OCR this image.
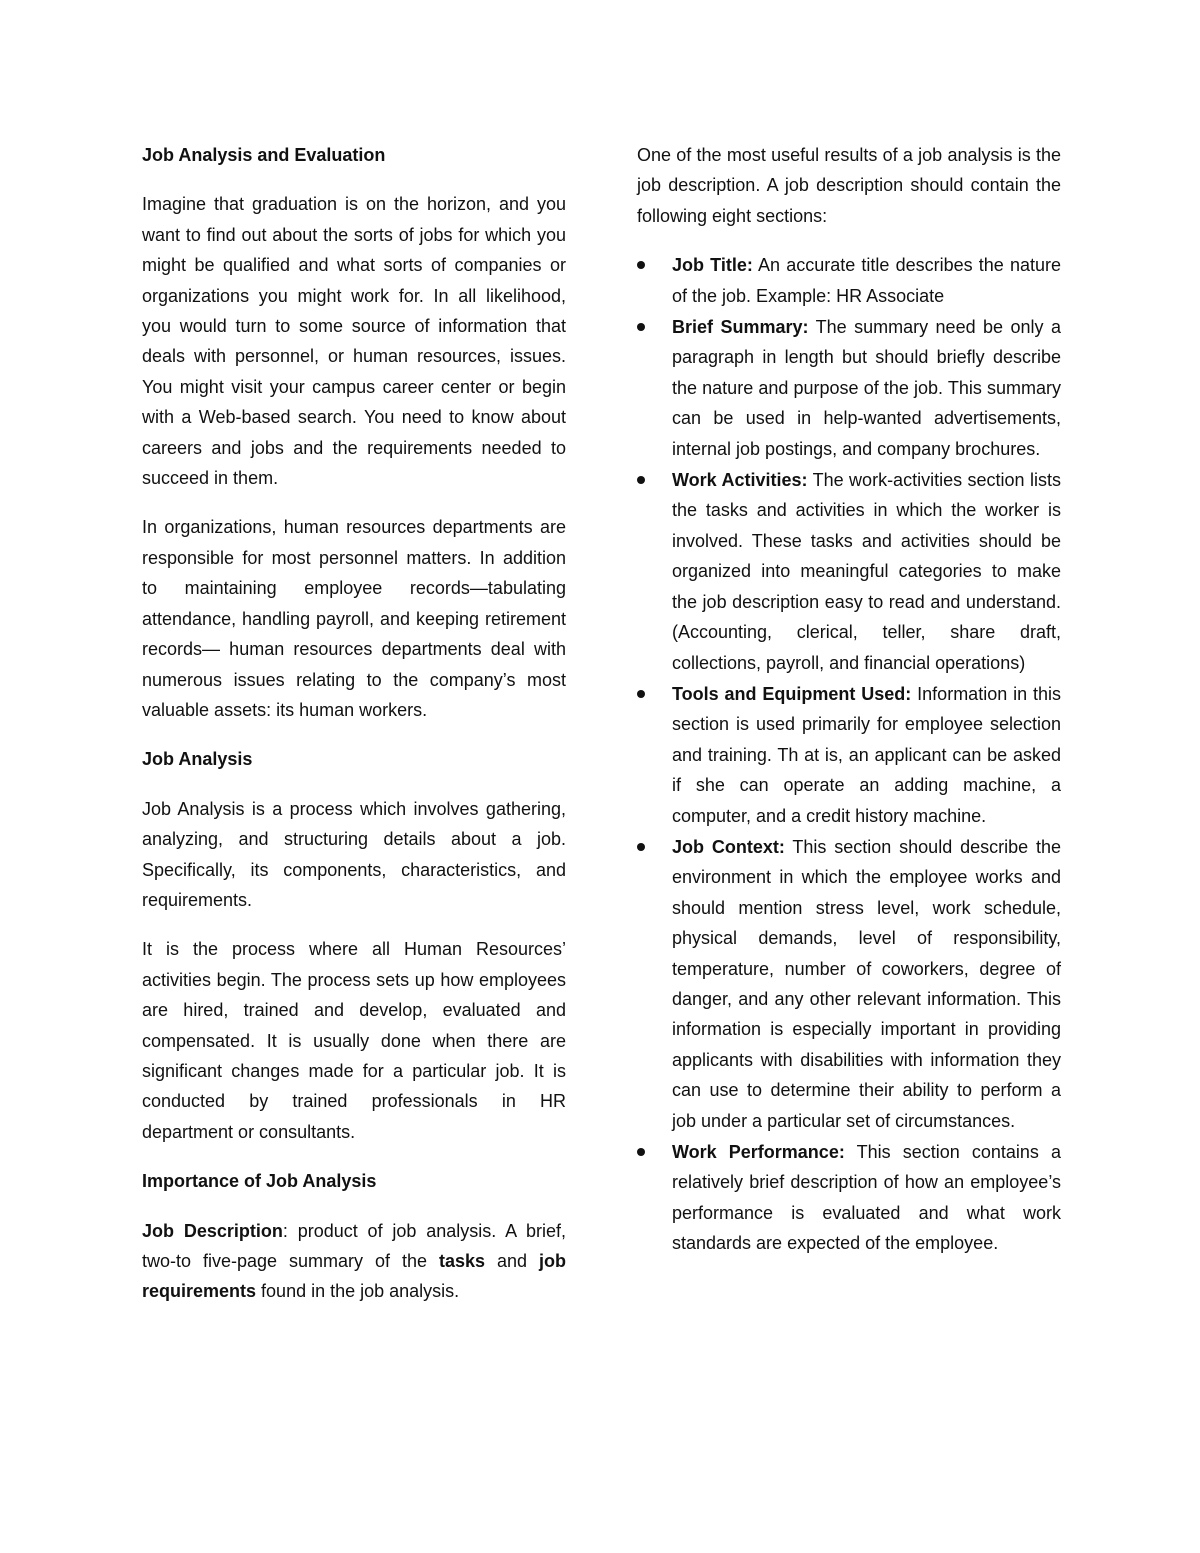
Job Analysis and Evaluation

Imagine that graduation is on the horizon, and you want to find out about the sorts of jobs for which you might be qualified and what sorts of companies or organizations you might work for. In all likelihood, you would turn to some source of information that deals with personnel, or human resources, issues. You might visit your campus career center or begin with a Web-based search. You need to know about careers and jobs and the requirements needed to succeed in them.

In organizations, human resources departments are responsible for most personnel matters. In addition to maintaining employee records—tabulating attendance, handling payroll, and keeping retirement records— human resources departments deal with numerous issues relating to the company’s most valuable assets: its human workers.

Job Analysis

Job Analysis is a process which involves gathering, analyzing, and structuring details about a job. Specifically, its components, characteristics, and requirements.

It is the process where all Human Resources’ activities begin. The process sets up how employees are hired, trained and develop, evaluated and compensated. It is usually done when there are significant changes made for a particular job. It is conducted by trained professionals in HR department or consultants.

Importance of Job Analysis

Job Description: product of job analysis. A brief, two-to five-page summary of the tasks and job requirements found in the job analysis.

One of the most useful results of a job analysis is the job description. A job description should contain the following eight sections:

Job Title: An accurate title describes the nature of the job. Example: HR Associate
Brief Summary: The summary need be only a paragraph in length but should briefly describe the nature and purpose of the job. This summary can be used in help-wanted advertisements, internal job postings, and company brochures.
Work Activities: The work-activities section lists the tasks and activities in which the worker is involved. These tasks and activities should be organized into meaningful categories to make the job description easy to read and understand. (Accounting, clerical, teller, share draft, collections, payroll, and financial operations)
Tools and Equipment Used: Information in this section is used primarily for employee selection and training. Th at is, an applicant can be asked if she can operate an adding machine, a computer, and a credit history machine.
Job Context: This section should describe the environment in which the employee works and should mention stress level, work schedule, physical demands, level of responsibility, temperature, number of coworkers, degree of danger, and any other relevant information. This information is especially important in providing applicants with disabilities with information they can use to determine their ability to perform a job under a particular set of circumstances.
Work Performance: This section contains a relatively brief description of how an employee’s performance is evaluated and what work standards are expected of the employee.
